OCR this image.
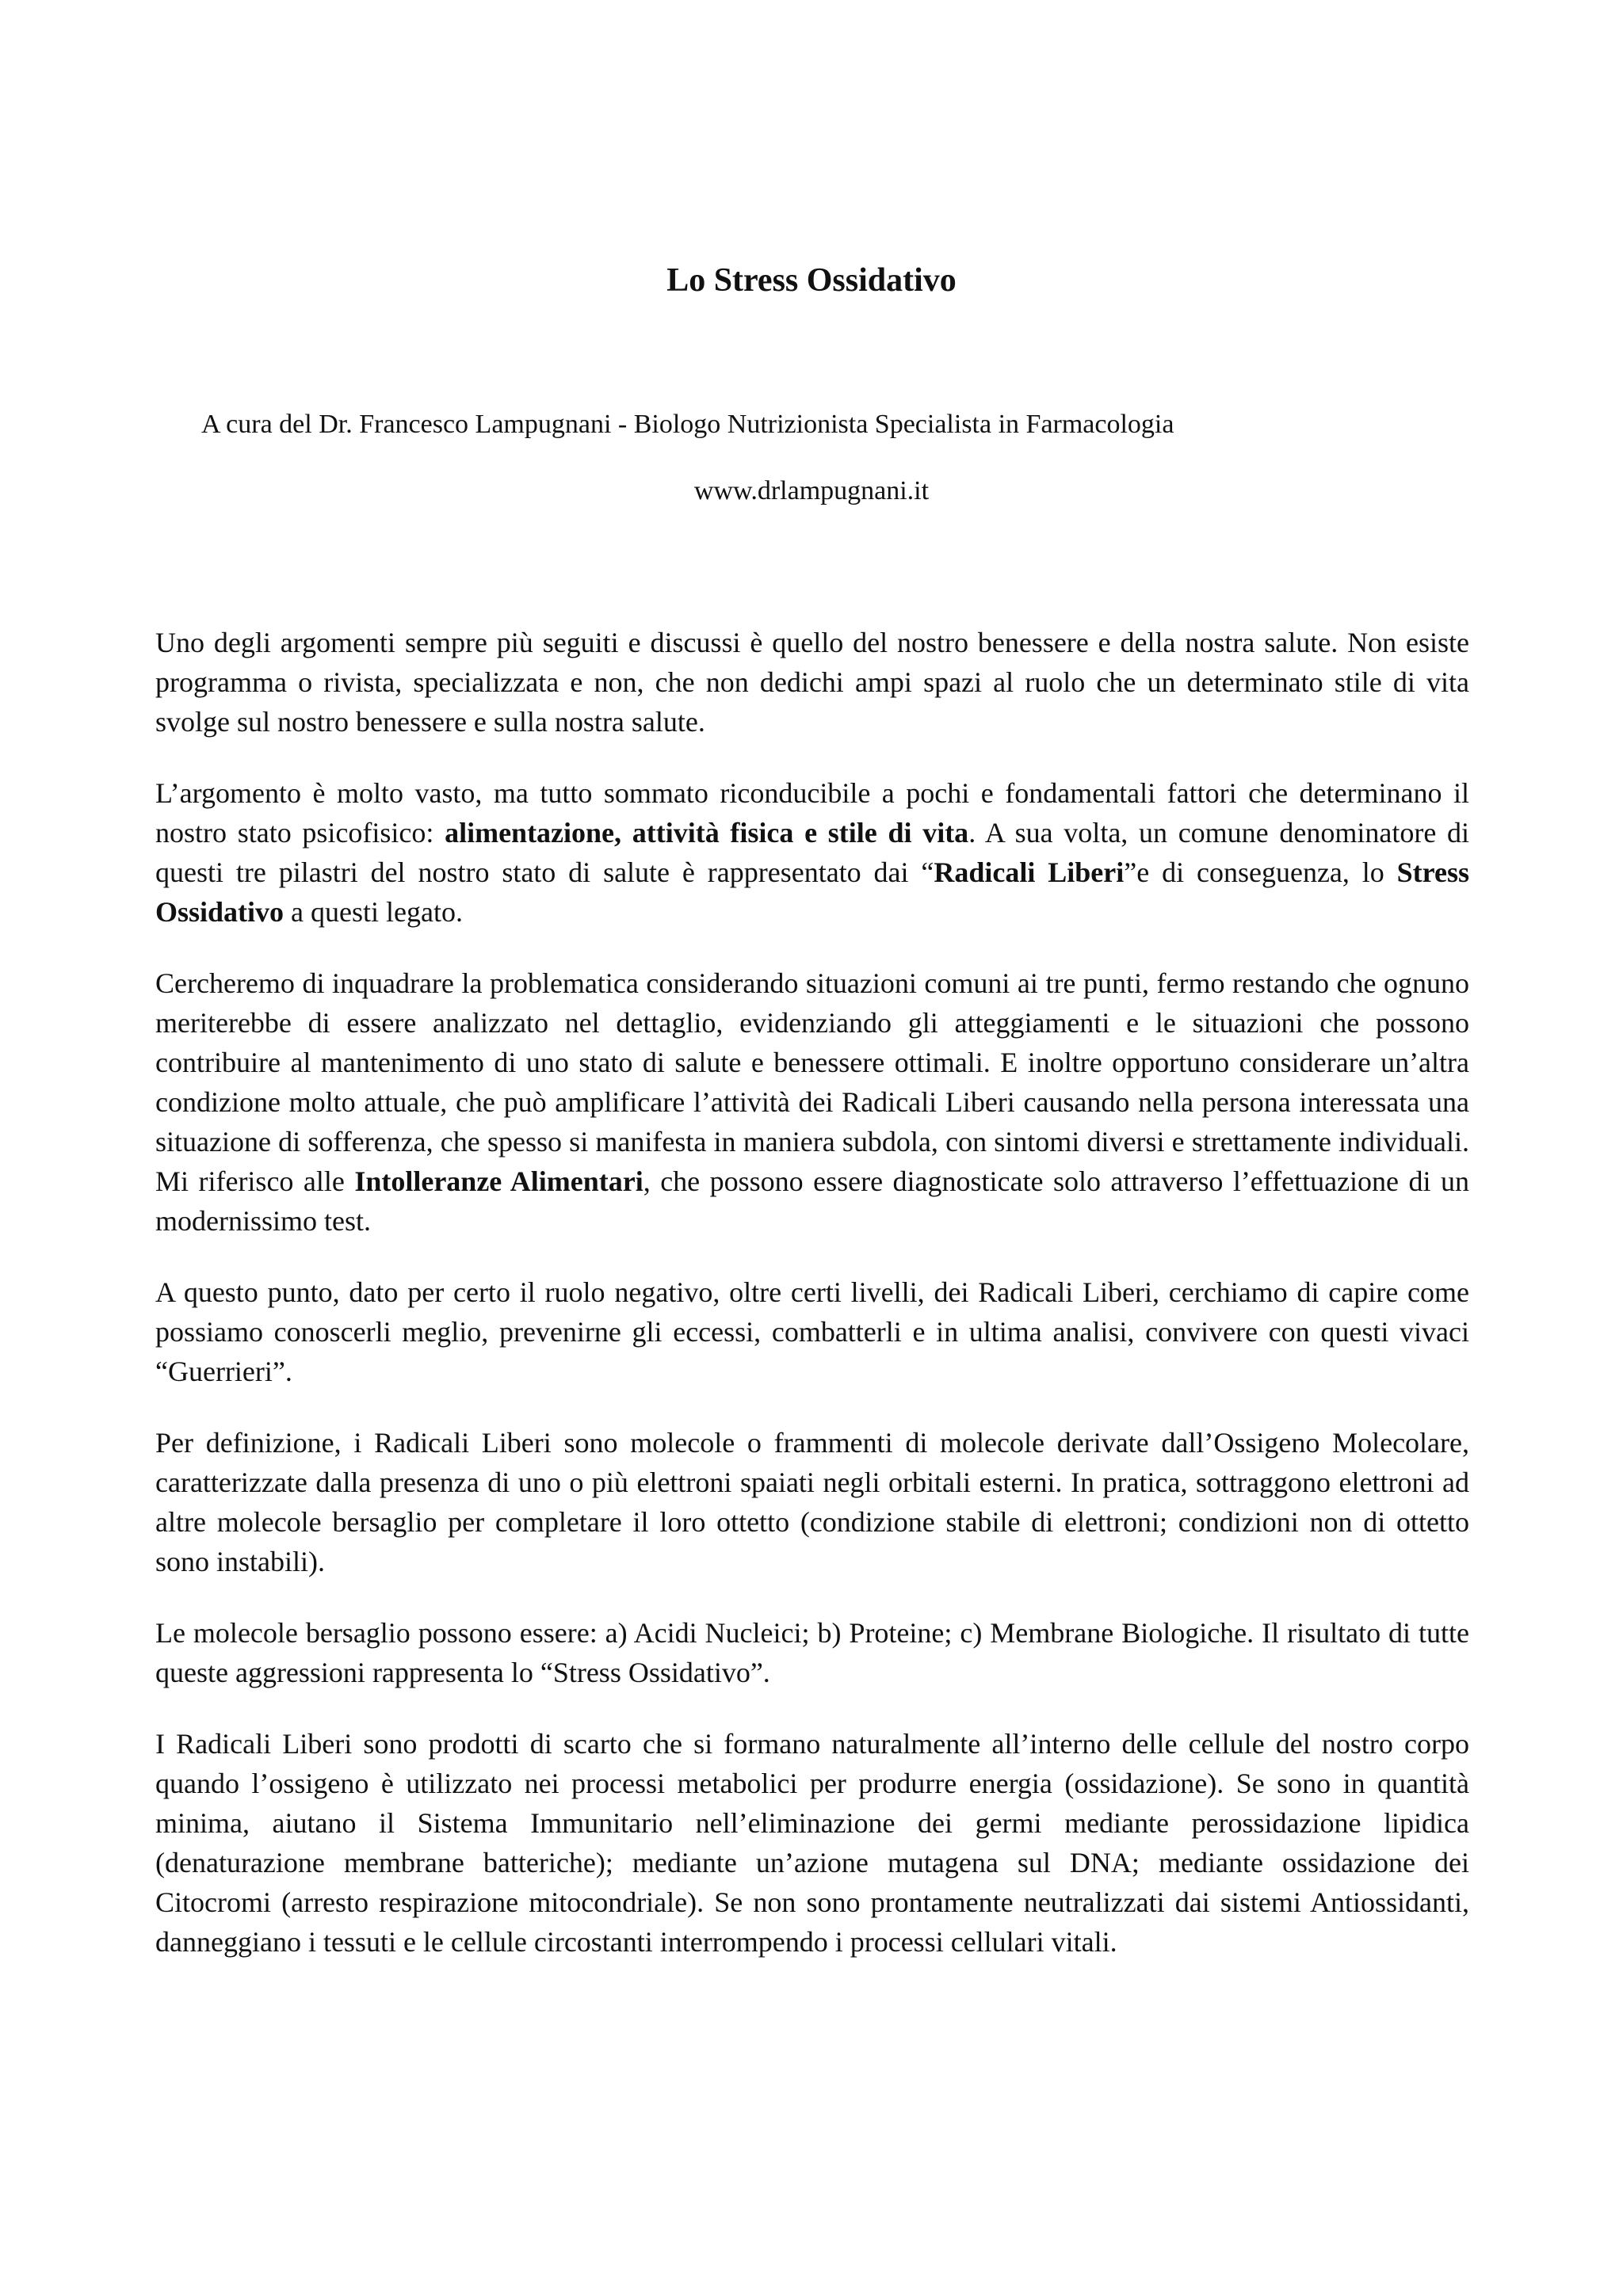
Lo Stress Ossidativo
A cura del Dr. Francesco Lampugnani - Biologo Nutrizionista Specialista in Farmacologia
www.drlampugnani.it

Uno degli argomenti sempre più seguiti e discussi è quello del nostro benessere e della nostra salute. Non esiste programma o rivista, specializzata e non, che non dedichi ampi spazi al ruolo che un determinato stile di vita svolge sul nostro benessere e sulla nostra salute.

L’argomento è molto vasto, ma tutto sommato riconducibile a pochi e fondamentali fattori che determinano il nostro stato psicofisico: alimentazione, attività fisica e stile di vita. A sua volta, un comune denominatore di questi tre pilastri del nostro stato di salute è rappresentato dai “Radicali Liberi”e di conseguenza, lo Stress Ossidativo a questi legato.

Cercheremo di inquadrare la problematica considerando situazioni comuni ai tre punti, fermo restando che ognuno meriterebbe di essere analizzato nel dettaglio, evidenziando gli atteggiamenti e le situazioni che possono contribuire al mantenimento di uno stato di salute e benessere ottimali. E inoltre opportuno considerare un’altra condizione molto attuale, che può amplificare l’attività dei Radicali Liberi causando nella persona interessata una situazione di sofferenza, che spesso si manifesta in maniera subdola, con sintomi diversi e strettamente individuali. Mi riferisco alle Intolleranze Alimentari, che possono essere diagnosticate solo attraverso l’effettuazione di un modernissimo test.

A questo punto, dato per certo il ruolo negativo, oltre certi livelli, dei Radicali Liberi, cerchiamo di capire come possiamo conoscerli meglio, prevenirne gli eccessi, combatterli e in ultima analisi, convivere con questi vivaci “Guerrieri”.

Per definizione, i Radicali Liberi sono molecole o frammenti di molecole derivate dall’Ossigeno Molecolare, caratterizzate dalla presenza di uno o più elettroni spaiati negli orbitali esterni. In pratica, sottraggono elettroni ad altre molecole bersaglio per completare il loro ottetto (condizione stabile di elettroni; condizioni non di ottetto sono instabili).

Le molecole bersaglio possono essere: a) Acidi Nucleici; b) Proteine; c) Membrane Biologiche. Il risultato di tutte queste aggressioni rappresenta lo “Stress Ossidativo”.

I Radicali Liberi sono prodotti di scarto che si formano naturalmente all’interno delle cellule del nostro corpo quando l’ossigeno è utilizzato nei processi metabolici per produrre energia (ossidazione). Se sono in quantità minima, aiutano il Sistema Immunitario nell’eliminazione dei germi mediante perossidazione lipidica (denaturazione membrane batteriche); mediante un’azione mutagena sul DNA; mediante ossidazione dei Citocromi (arresto respirazione mitocondriale). Se non sono prontamente neutralizzati dai sistemi Antiossidanti, danneggiano i tessuti e le cellule circostanti interrompendo i processi cellulari vitali.
